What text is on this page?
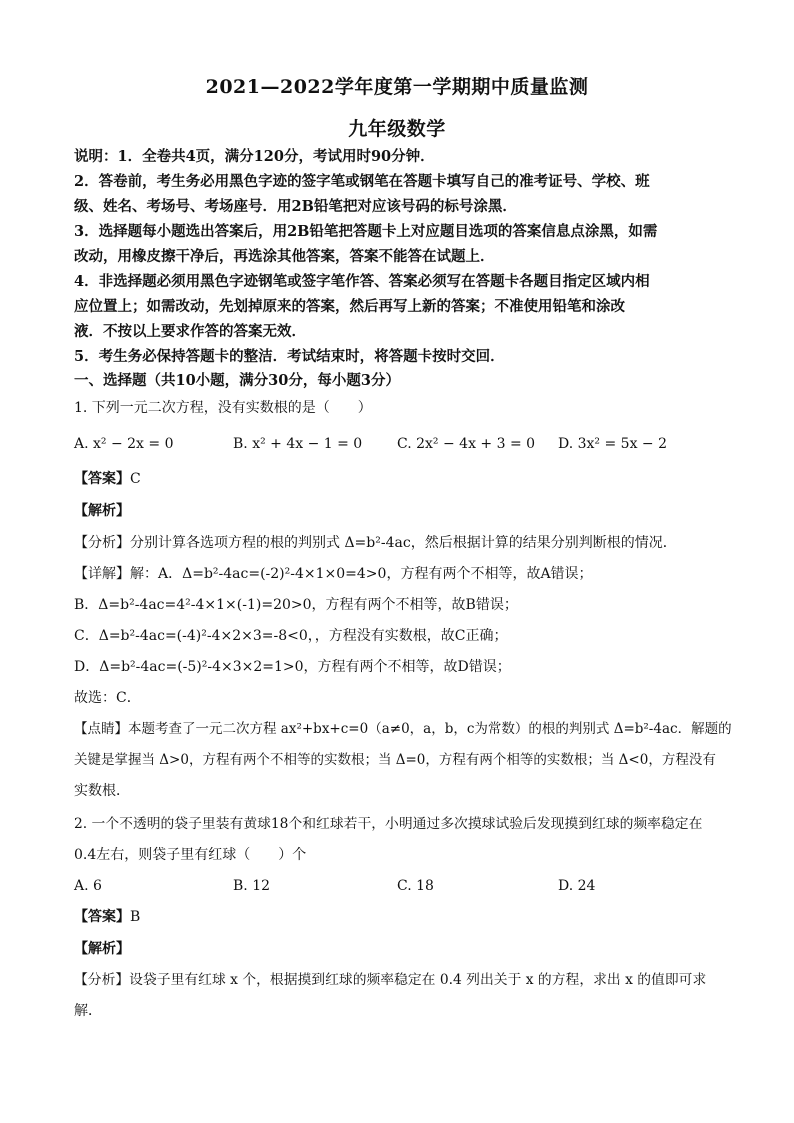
2021—2022学年度第一学期期中质量监测
九年级数学
说明：1．全卷共4页，满分120分，考试用时90分钟．
2．答卷前，考生务必用黑色字迹的签字笔或钢笔在答题卡填写自己的准考证号、学校、班
级、姓名、考场号、考场座号．用2B铅笔把对应该号码的标号涂黑．
3．选择题每小题选出答案后，用2B铅笔把答题卡上对应题目选项的答案信息点涂黑，如需
改动，用橡皮擦干净后，再选涂其他答案，答案不能答在试题上．
4．非选择题必须用黑色字迹钢笔或签字笔作答、答案必须写在答题卡各题目指定区域内相
应位置上；如需改动，先划掉原来的答案，然后再写上新的答案；不准使用铅笔和涂改
液．不按以上要求作答的答案无效．
5．考生务必保持答题卡的整洁．考试结束时，将答题卡按时交回．
一、选择题（共10小题，满分30分，每小题3分）
1. 下列一元二次方程，没有实数根的是（　　）
A. x² − 2x = 0	B. x² + 4x − 1 = 0 C. 2x² − 4x + 3 = 0 D. 3x² = 5x − 2
【答案】C
【解析】
【分析】分别计算各选项方程的根的判别式 Δ=b²-4ac，然后根据计算的结果分别判断根的情况．
【详解】解：A．Δ=b²-4ac=(-2)²-4×1×0=4>0，方程有两个不相等，故A错误；
B．Δ=b²-4ac=4²-4×1×(-1)=20>0，方程有两个不相等，故B错误；
C．Δ=b²-4ac=(-4)²-4×2×3=-8<0，，方程没有实数根，故C正确；
D．Δ=b²-4ac=(-5)²-4×3×2=1>0，方程有两个不相等，故D错误；
故选：C．
【点睛】本题考查了一元二次方程 ax²+bx+c=0（a≠0，a，b，c为常数）的根的判别式 Δ=b²-4ac．解题的
关键是掌握当 Δ>0，方程有两个不相等的实数根；当 Δ=0，方程有两个相等的实数根；当 Δ<0，方程没有
实数根．
2. 一个不透明的袋子里装有黄球18个和红球若干，小明通过多次摸球试验后发现摸到红球的频率稳定在
0.4左右，则袋子里有红球（　　）个
A. 6	B. 12	C. 18	D. 24
【答案】B
【解析】
【分析】设袋子里有红球 x 个，根据摸到红球的频率稳定在 0.4 列出关于 x 的方程，求出 x 的值即可求
解．
